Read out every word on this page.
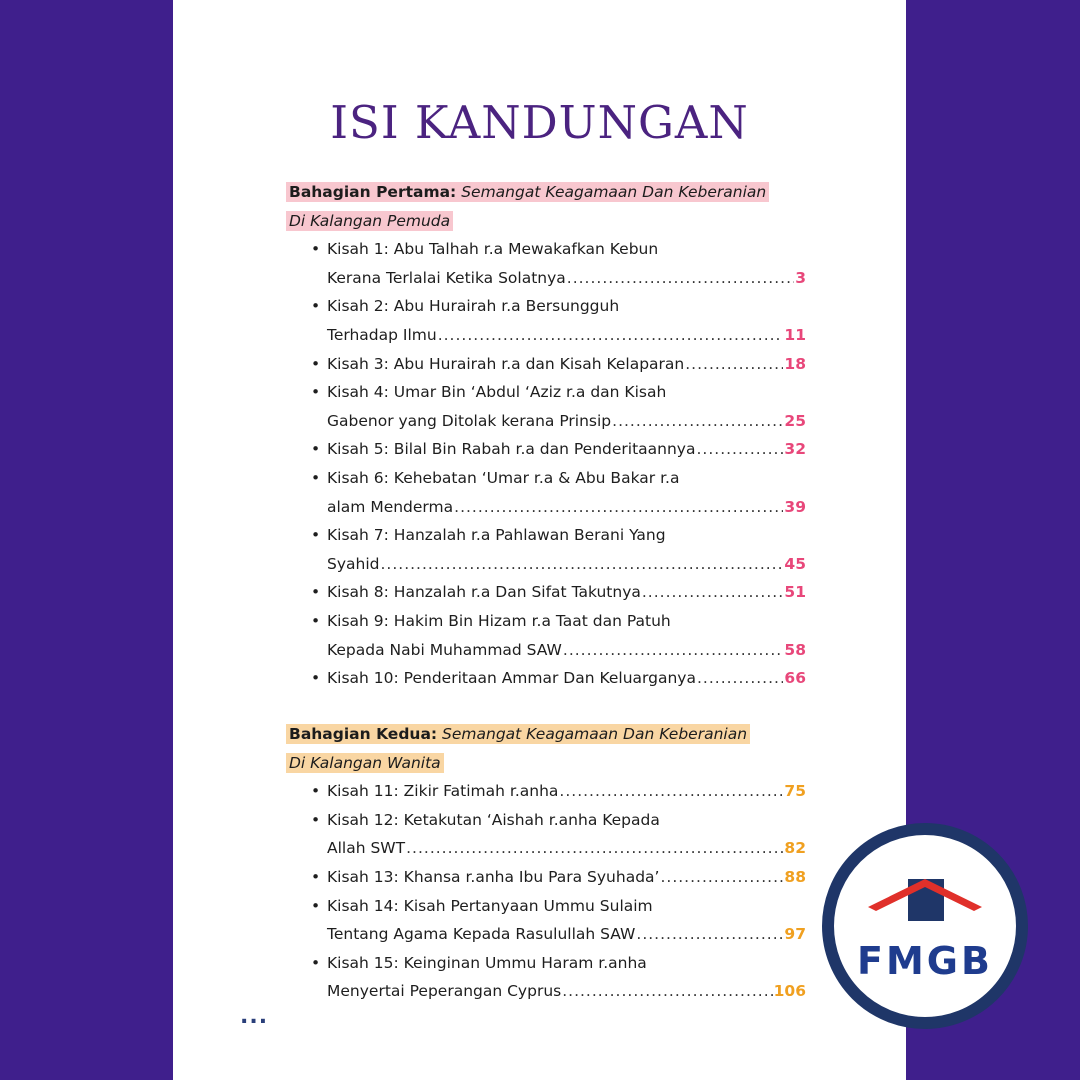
ISI KANDUNGAN
Bahagian Pertama: Semangat Keagamaan Dan Keberanian
Di Kalangan Pemuda
• Kisah 1: Abu Talhah r.a Mewakafkan Kebun
Kerana Terlalai Ketika Solatnya .....	3
• Kisah 2: Abu Hurairah r.a Bersungguh
Terhadap Ilmu .....	11
• Kisah 3: Abu Hurairah r.a dan Kisah Kelaparan .....	18
• Kisah 4: Umar Bin ‘Abdul ‘Aziz r.a dan Kisah
Gabenor yang Ditolak kerana Prinsip .....	25
• Kisah 5: Bilal Bin Rabah r.a dan Penderitaannya .....	32
• Kisah 6: Kehebatan ‘Umar r.a & Abu Bakar r.a
alam Menderma .....	39
• Kisah 7: Hanzalah r.a Pahlawan Berani Yang
Syahid .....	45
• Kisah 8: Hanzalah r.a Dan Sifat Takutnya .....	51
• Kisah 9: Hakim Bin Hizam r.a Taat dan Patuh
Kepada Nabi Muhammad SAW .....	58
• Kisah 10: Penderitaan Ammar Dan Keluarganya .....	66
Bahagian Kedua: Semangat Keagamaan Dan Keberanian
Di Kalangan Wanita
• Kisah 11: Zikir Fatimah r.anha .....	75
• Kisah 12: Ketakutan ‘Aishah r.anha Kepada
Allah SWT .....	82
• Kisah 13: Khansa r.anha Ibu Para Syuhada’ .....	88
• Kisah 14: Kisah Pertanyaan Ummu Sulaim
Tentang Agama Kepada Rasulullah SAW .....	97
• Kisah 15: Keinginan Ummu Haram r.anha
Menyertai Peperangan Cyprus .....	106
...
FMGB
